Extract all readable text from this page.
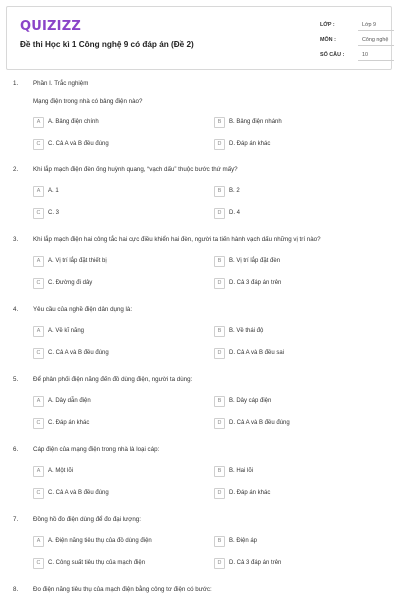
QUIZIZZ
Đề thi Học kì 1 Công nghệ 9 có đáp án (Đề 2)
LỚP :	Lớp 9
MÔN :	Công nghệ
SỐ CÂU :	10
1. Phần I. Trắc nghiệm
Mạng điện trong nhà có bảng điện nào?
A	A. Bảng điện chính	B	B. Bảng điện nhánh
C	C. Cả A và B đều đúng	D	D. Đáp án khác
2. Khi lắp mạch điện đèn ống huỳnh quang, “vạch dấu” thuộc bước thứ mấy?
A	A. 1	B	B. 2
C	C. 3	D	D. 4
3. Khi lắp mạch điện hai công tắc hai cực điều khiển hai đèn, người ta tiến hành vạch dấu những vị trí nào?
A	A. Vị trí lắp đặt thiết bị	B	B. Vị trí lắp đặt đèn
C	C. Đường đi dây	D	D. Cả 3 đáp án trên
4. Yêu cầu của nghề điện dân dụng là:
A	A. Về kĩ năng	B	B. Về thái độ
C	C. Cả A và B đều đúng	D	D. Cả A và B đều sai
5. Để phân phối điện năng đến đồ dùng điện, người ta dùng:
A	A. Dây dẫn điện	B	B. Dây cáp điện
C	C. Đáp án khác	D	D. Cả A và B đều đúng
6. Cáp điện của mạng điện trong nhà là loại cáp:
A	A. Một lõi	B	B. Hai lõi
C	C. Cả A và B đều đúng	D	D. Đáp án khác
7. Đồng hồ đo điện dùng để đo đại lượng:
A	A. Điện năng tiêu thụ của đồ dùng điện	B	B. Điện áp
C	C. Công suất tiêu thụ của mạch điện	D	D. Cả 3 đáp án trên
8. Đo điện năng tiêu thụ của mạch điện bằng công tơ điện có bước:
